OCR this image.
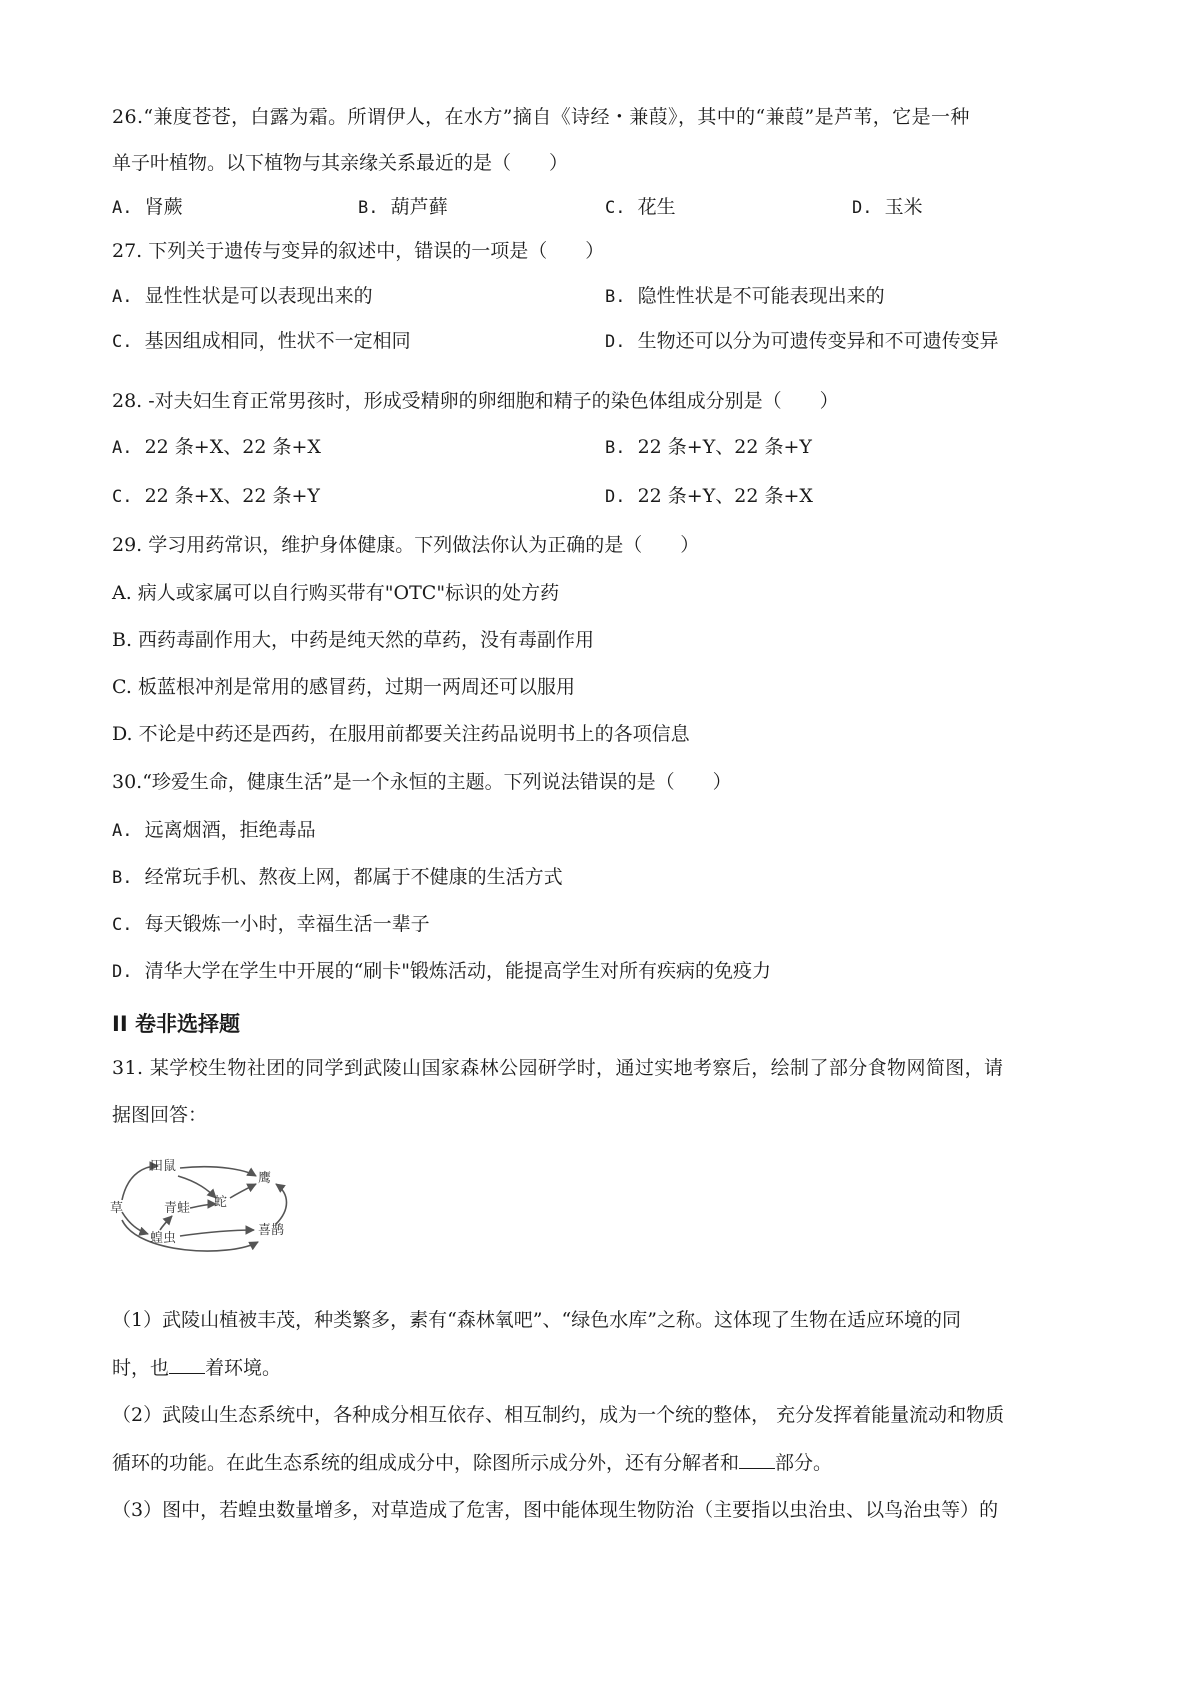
26.“兼度苍苍，白露为霜。所谓伊人，在水方”摘自《诗经・兼葭》，其中的“兼葭”是芦苇，它是一种

单子叶植物。以下植物与其亲缘关系最近的是（　　）

A. 肾蕨	B. 葫芦藓	C. 花生	D. 玉米

27. 下列关于遗传与变异的叙述中，错误的一项是（　　）

A. 显性性状是可以表现出来的	B. 隐性性状是不可能表现出来的
C. 基因组成相同，性状不一定相同	D. 生物还可以分为可遗传变异和不可遗传变异

28. -对夫妇生育正常男孩时，形成受精卵的卵细胞和精子的染色体组成分别是（　　）

A. 22 条+X、22 条+X	B. 22 条+Y、22 条+Y
C. 22 条+X、22 条+Y	D. 22 条+Y、22 条+X

29. 学习用药常识，维护身体健康。下列做法你认为正确的是（　　）

A. 病人或家属可以自行购买带有"OTC"标识的处方药

B. 西药毒副作用大，中药是纯天然的草药，没有毒副作用

C. 板蓝根冲剂是常用的感冒药，过期一两周还可以服用

D. 不论是中药还是西药，在服用前都要关注药品说明书上的各项信息

30.“珍爱生命，健康生活”是一个永恒的主题。下列说法错误的是（　　）

A. 远离烟酒，拒绝毒品
B. 经常玩手机、熬夜上网，都属于不健康的生活方式
C. 每天锻炼一小时，幸福生活一辈子
D. 清华大学在学生中开展的“刷卡"锻炼活动，能提高学生对所有疾病的免疫力
II 卷非选择题

31. 某学校生物社团的同学到武陵山国家森林公园研学时，通过实地考察后，绘制了部分食物网简图，请

据图回答：

草
田鼠
青蛙
蝗虫
蛇
鹰
喜鹊

（1）武陵山植被丰茂，种类繁多，素有“森林氧吧”、“绿色水库”之称。这体现了生物在适应环境的同

时，也 着环境。

（2）武陵山生态系统中，各种成分相互依存、相互制约，成为一个统的整体， 充分发挥着能量流动和物质

循环的功能。在此生态系统的组成成分中，除图所示成分外，还有分解者和 部分。

（3）图中，若蝗虫数量增多，对草造成了危害，图中能体现生物防治（主要指以虫治虫、以鸟治虫等）的
